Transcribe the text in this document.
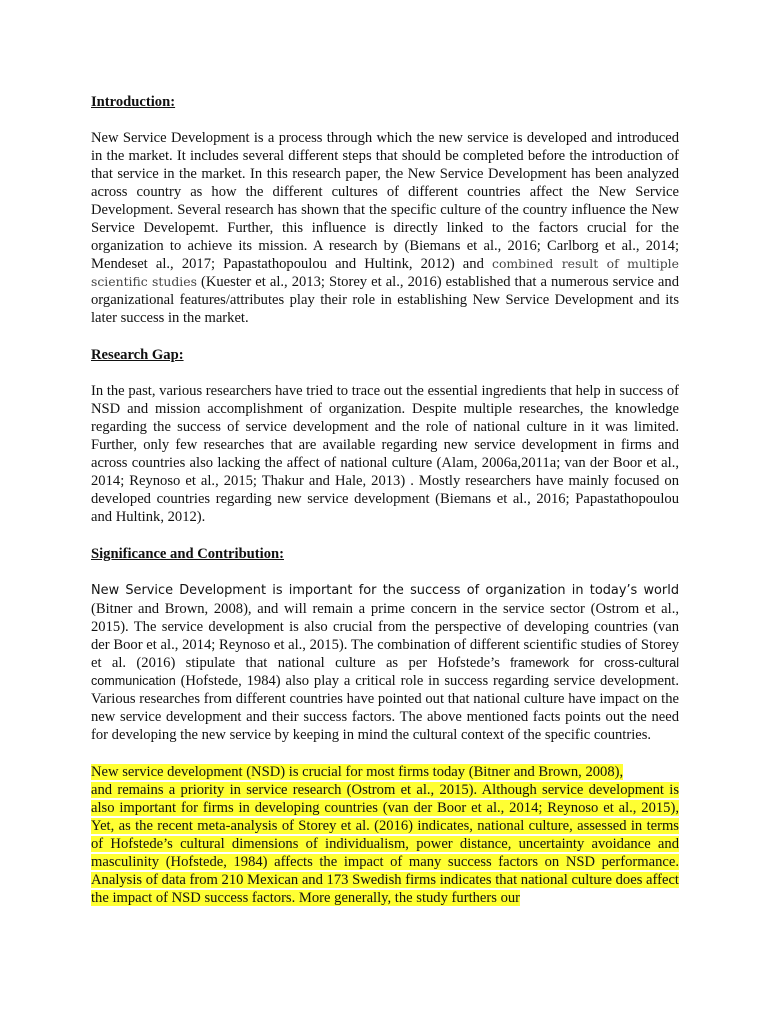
Introduction:

New Service Development is a process through which the new service is developed and introduced in the market. It includes several different steps that should be completed before the introduction of that service in the market. In this research paper, the New Service Development has been analyzed across country as how the different cultures of different countries affect the New Service Development. Several research has shown that the specific culture of the country influence the New Service Developemt. Further, this influence is directly linked to the factors crucial for the organization to achieve its mission. A research by (Biemans et al., 2016; Carlborg et al., 2014; Mendeset al., 2017; Papastathopoulou and Hultink, 2012) and combined result of multiple scientific studies (Kuester et al., 2013; Storey et al., 2016) established that a numerous service and organizational features/attributes play their role in establishing New Service Development and its later success in the market.

Research Gap:

In the past, various researchers have tried to trace out the essential ingredients that help in success of NSD and mission accomplishment of organization. Despite multiple researches, the knowledge regarding the success of service development and the role of national culture in it was limited. Further, only few researches that are available regarding new service development in firms and across countries also lacking the affect of national culture (Alam, 2006a,2011a; van der Boor et al., 2014; Reynoso et al., 2015; Thakur and Hale, 2013) . Mostly researchers have mainly focused on developed countries regarding new service development (Biemans et al., 2016; Papastathopoulou and Hultink, 2012).

Significance and Contribution:

New Service Development is important for the success of organization in today’s world (Bitner and Brown, 2008), and will remain a prime concern in the service sector (Ostrom et al., 2015). The service development is also crucial from the perspective of developing countries (van der Boor et al., 2014; Reynoso et al., 2015). The combination of different scientific studies of Storey et al. (2016) stipulate that national culture as per Hofstede’s framework for cross-cultural communication (Hofstede, 1984) also play a critical role in success regarding service development. Various researches from different countries have pointed out that national culture have impact on the new service development and their success factors. The above mentioned facts points out the need for developing the new service by keeping in mind the cultural context of the specific countries.

New service development (NSD) is crucial for most firms today (Bitner and Brown, 2008),
and remains a priority in service research (Ostrom et al., 2015). Although service development is also important for firms in developing countries (van der Boor et al., 2014; Reynoso et al., 2015), Yet, as the recent meta-analysis of Storey et al. (2016) indicates, national culture, assessed in terms of Hofstede’s cultural dimensions of individualism, power distance, uncertainty avoidance and masculinity (Hofstede, 1984) affects the impact of many success factors on NSD performance. Analysis of data from 210 Mexican and 173 Swedish firms indicates that national culture does affect the impact of NSD success factors. More generally, the study furthers our
